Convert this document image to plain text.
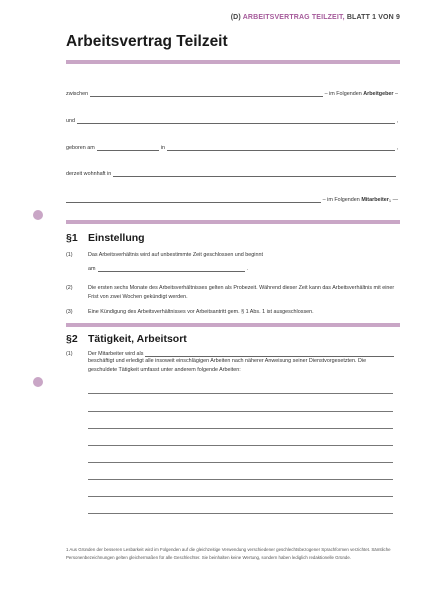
(D) ARBEITSVERTRAG TEILZEIT, BLATT 1 VON 9
Arbeitsvertrag Teilzeit
zwischen	– im Folgenden
Arbeitgeber
–
und	,
geboren am	in	,
derzeit wohnhaft in
– im Folgenden
Mitarbeiter 1
—
§1 Einstellung
(1)	Das Arbeitsverhältnis wird auf unbestimmte Zeit geschlossen und beginnt
am	.
(2)	Die ersten sechs Monate des Arbeitsverhältnisses gelten als Probezeit. Während dieser Zeit kann das Arbeitsverhältnis mit einer Frist von zwei Wochen gekündigt werden.
(3)	Eine Kündigung des Arbeitsverhältnisses vor Arbeitsantritt gem. § 1 Abs. 1 ist ausgeschlossen.
§2 Tätigkeit, Arbeitsort
(1)	Der Mitarbeiter wird als
beschäftigt und erledigt alle insoweit einschlägigen Arbeiten nach näherer Anweisung seiner Dienstvorgesetzten. Die geschuldete Tätigkeit umfasst unter anderem folgende Arbeiten:
1 Aus Gründen der besseren Lesbarkeit wird im Folgenden auf die gleichzeitige Verwendung verschiedener geschlechtsbezogener Sprachformen verzichtet. Sämtliche Personenbezeichnungen gelten gleichermaßen für alle Geschlechter. Sie beinhalten keine Wertung, sondern haben lediglich redaktionelle Gründe.
